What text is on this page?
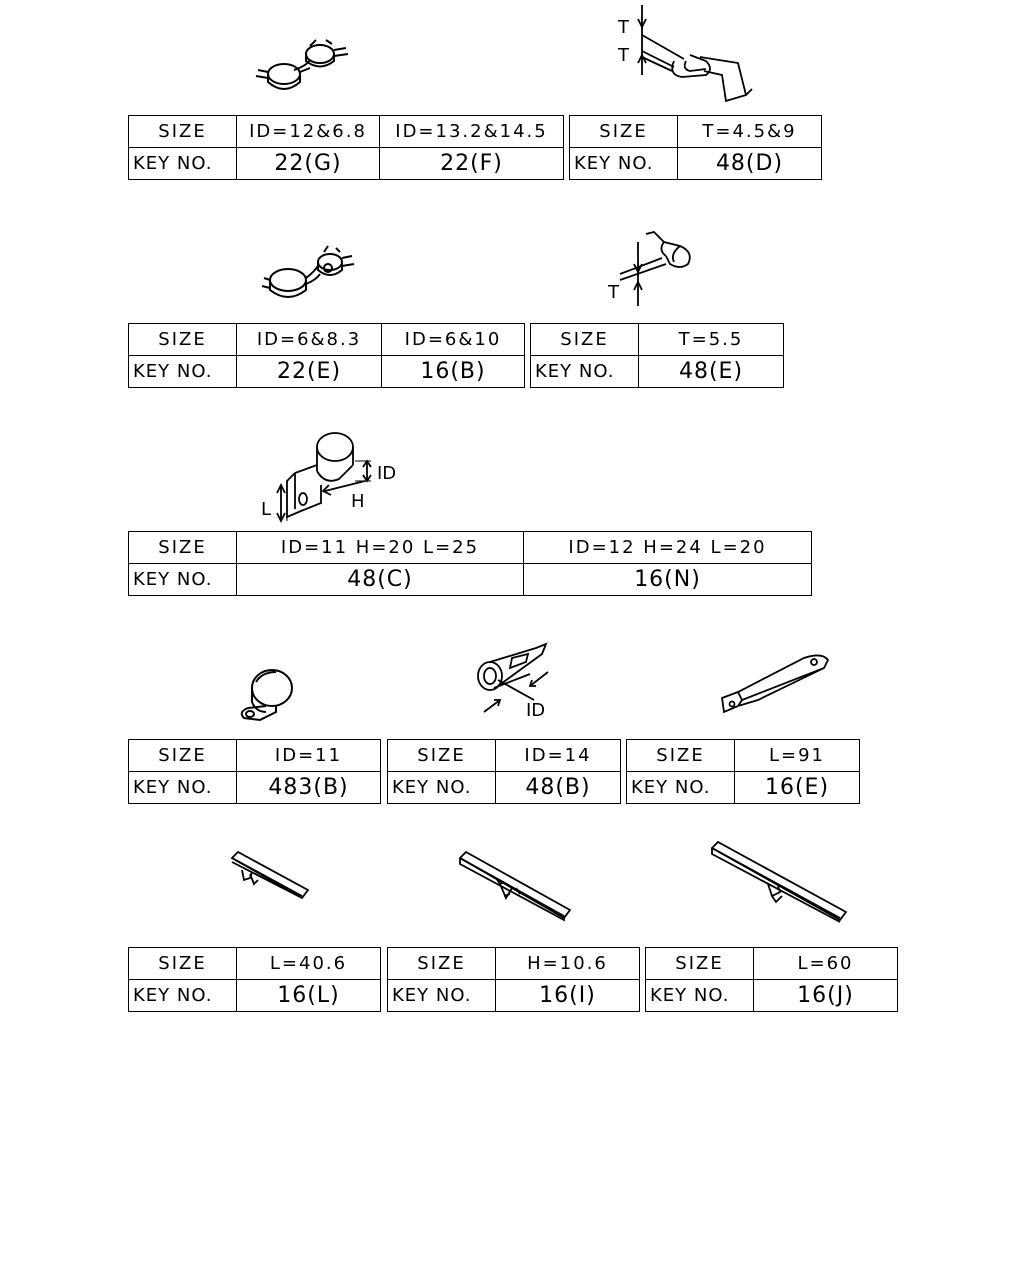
SIZE	ID=12&6.8	ID=13.2&14.5
KEY NO.	22(G)	22(F)
T
T
SIZE	T=4.5&9
KEY NO.	48(D)
SIZE	ID=6&8.3	ID=6&10
KEY NO.	22(E)	16(B)
T
SIZE	T=5.5
KEY NO.	48(E)
ID
H
L
SIZE	ID=11 H=20 L=25	ID=12 H=24 L=20
KEY NO.	48(C)	16(N)
SIZE	ID=11
KEY NO.	483(B)
ID
SIZE	ID=14
KEY NO.	48(B)
SIZE	L=91
KEY NO.	16(E)
SIZE	L=40.6
KEY NO.	16(L)
SIZE	H=10.6
KEY NO.	16(I)
SIZE	L=60
KEY NO.	16(J)
